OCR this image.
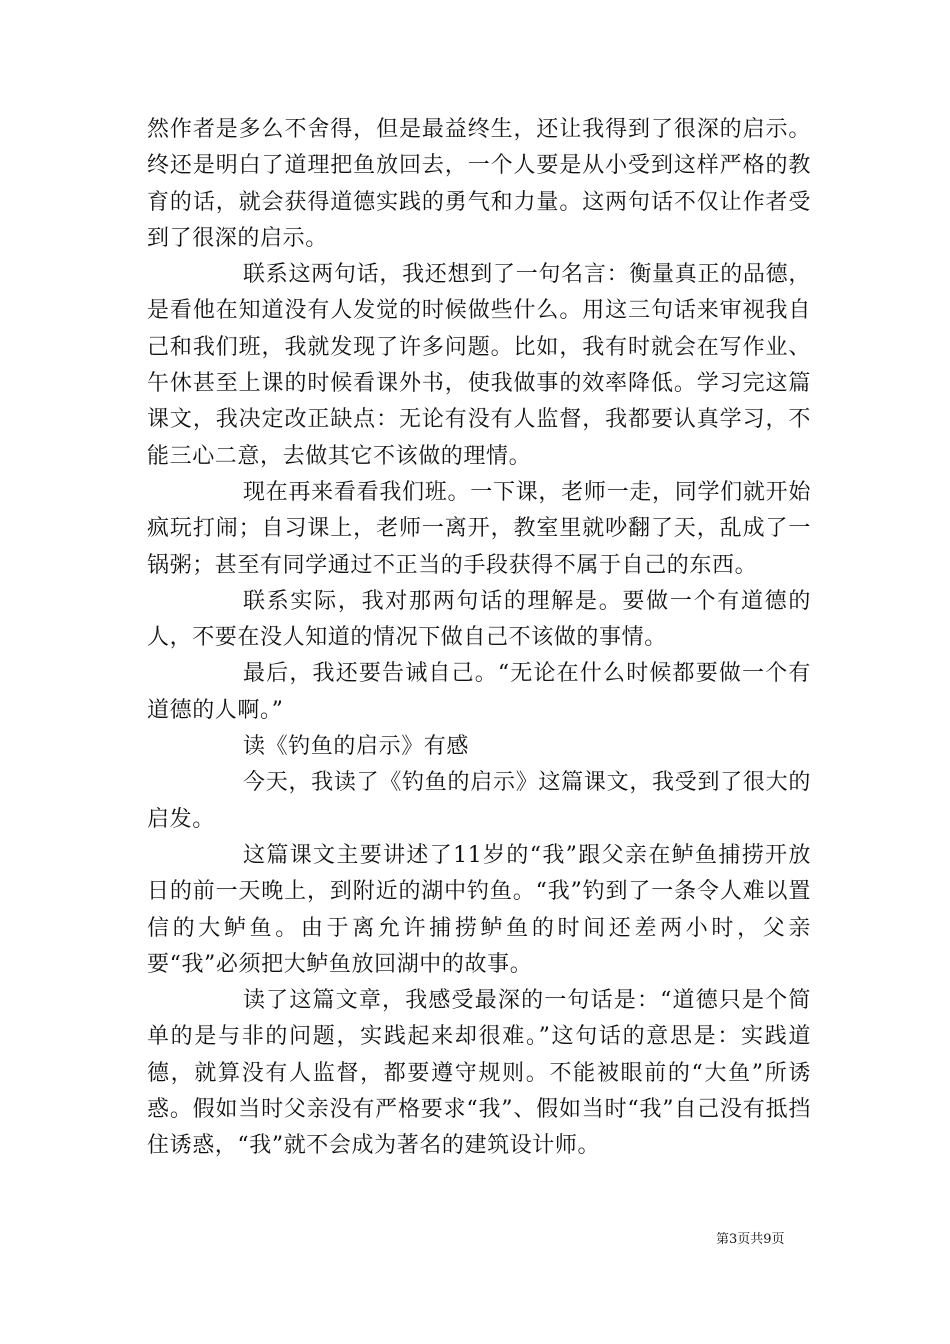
然作者是多么不舍得，但是最益终生，还让我得到了很深的启示。终还是明白了道理把鱼放回去，一个人要是从小受到这样严格的教育的话，就会获得道德实践的勇气和力量。这两句话不仅让作者受到了很深的启示。

联系这两句话，我还想到了一句名言：衡量真正的品德，是看他在知道没有人发觉的时候做些什么。用这三句话来审视我自己和我们班，我就发现了许多问题。比如，我有时就会在写作业、午休甚至上课的时候看课外书，使我做事的效率降低。学习完这篇课文，我决定改正缺点：无论有没有人监督，我都要认真学习，不能三心二意，去做其它不该做的理情。

现在再来看看我们班。一下课，老师一走，同学们就开始疯玩打闹；自习课上，老师一离开，教室里就吵翻了天，乱成了一锅粥；甚至有同学通过不正当的手段获得不属于自己的东西。

联系实际，我对那两句话的理解是。要做一个有道德的人，不要在没人知道的情况下做自己不该做的事情。

最后，我还要告诫自己。“无论在什么时候都要做一个有道德的人啊。”

读《钓鱼的启示》有感

今天，我读了《钓鱼的启示》这篇课文，我受到了很大的启发。

这篇课文主要讲述了11岁的“我”跟父亲在鲈鱼捕捞开放日的前一天晚上，到附近的湖中钓鱼。“我”钓到了一条令人难以置信的大鲈鱼。由于离允许捕捞鲈鱼的时间还差两小时，父亲要“我”必须把大鲈鱼放回湖中的故事。

读了这篇文章，我感受最深的一句话是：“道德只是个简单的是与非的问题，实践起来却很难。”这句话的意思是：实践道德，就算没有人监督，都要遵守规则。不能被眼前的“大鱼”所诱惑。假如当时父亲没有严格要求“我”、假如当时“我”自己没有抵挡住诱惑，“我”就不会成为著名的建筑设计师。

第3页共9页
